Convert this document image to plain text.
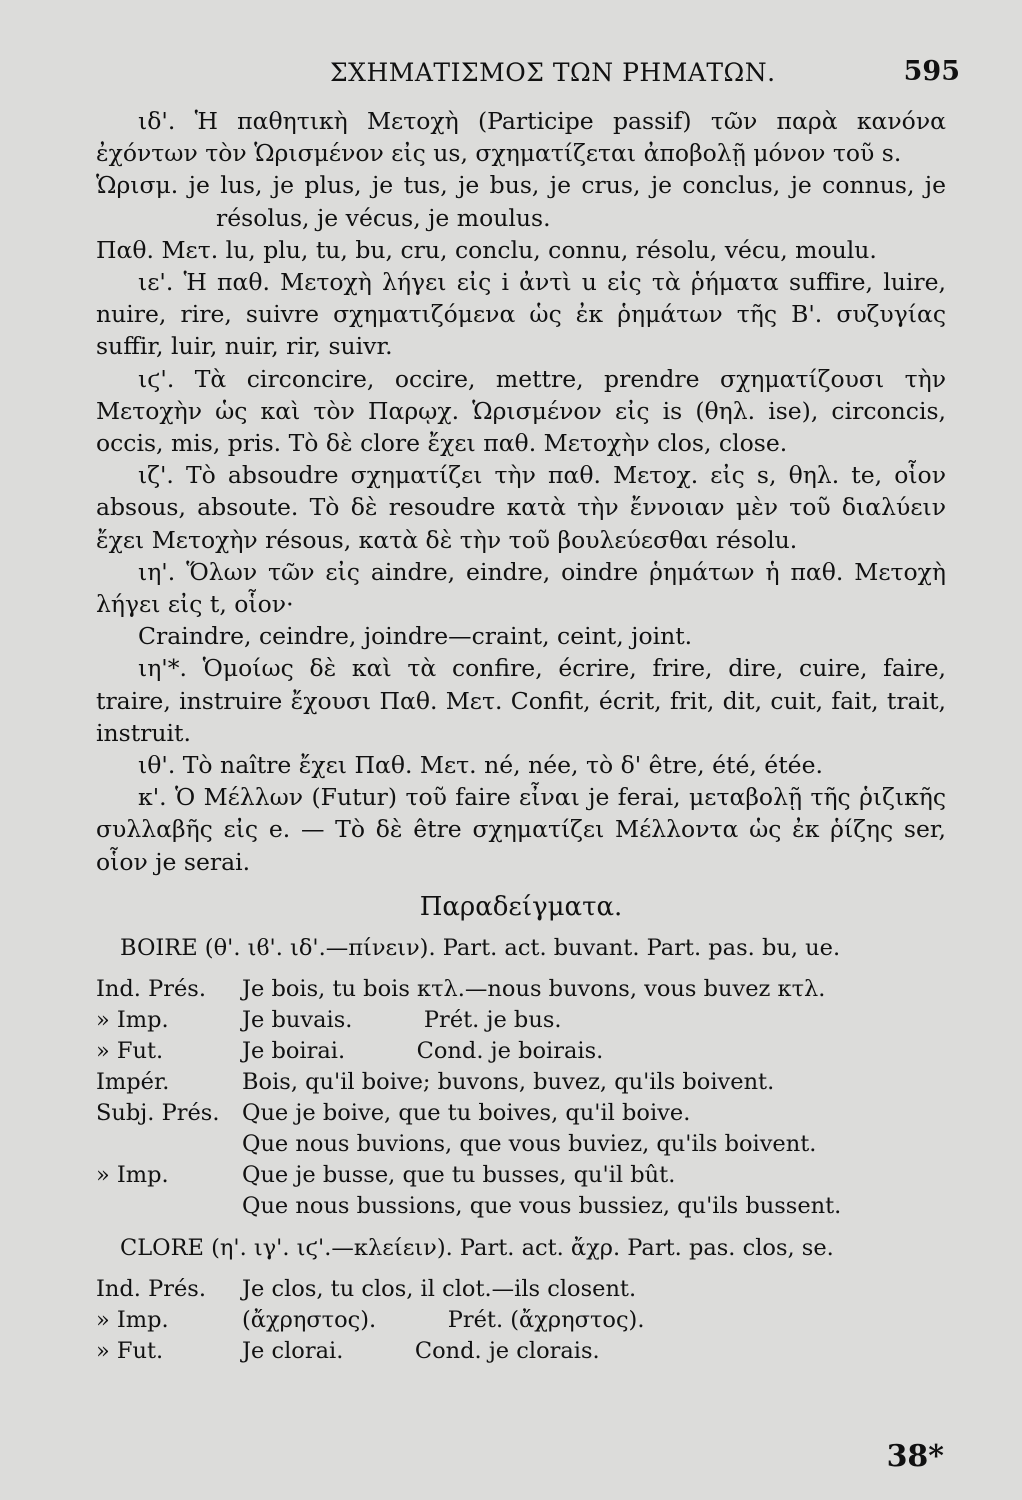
ΣΧΗΜΑΤΙΣΜΟΣ ΤΩΝ ΡΗΜΑΤΩΝ.	595

ιδ'. Ἡ παθητικὴ Μετοχὴ (Participe passif) τῶν παρὰ κανόνα ἐχόντων τὸν Ὡρισμένον εἰς us, σχηματίζεται ἀποβολῇ μόνον τοῦ s.

Ὡρισμ. je lus, je plus, je tus, je bus, je crus, je conclus, je connus, je résolus, je vécus, je moulus.

Παθ. Μετ. lu, plu, tu, bu, cru, conclu, connu, résolu, vécu, moulu.

ιε'. Ἡ παθ. Μετοχὴ λήγει εἰς i ἀντὶ u εἰς τὰ ῥήματα suffire, luire, nuire, rire, suivre σχηματιζόμενα ὡς ἐκ ῥημάτων τῆς Β'. συζυγίας suffir, luir, nuir, rir, suivr.

ιϛ'. Τὰ circoncire, occire, mettre, prendre σχηματίζουσι τὴν Μετοχὴν ὡς καὶ τὸν Παρῳχ. Ὡρισμένον εἰς is (θηλ. ise), circoncis, occis, mis, pris. Τὸ δὲ clore ἔχει παθ. Μετοχὴν clos, close.

ιζ'. Τὸ absoudre σχηματίζει τὴν παθ. Μετοχ. εἰς s, θηλ. te, οἷον absous, absoute. Τὸ δὲ resoudre κατὰ τὴν ἔννοιαν μὲν τοῦ διαλύειν ἔχει Μετοχὴν résous, κατὰ δὲ τὴν τοῦ βουλεύεσθαι résolu.

ιη'. Ὅλων τῶν εἰς aindre, eindre, oindre ῥημάτων ἡ παθ. Μετοχὴ λήγει εἰς t, οἷον·

Craindre, ceindre, joindre—craint, ceint, joint.

ιη'*. Ὁμοίως δὲ καὶ τὰ confire, écrire, frire, dire, cuire, faire, traire, instruire ἔχουσι Παθ. Μετ. Confit, écrit, frit, dit, cuit, fait, trait, instruit.

ιθ'. Τὸ naître ἔχει Παθ. Μετ. né, née, τὸ δ' être, été, étée.

κ'. Ὁ Μέλλων (Futur) τοῦ faire εἶναι je ferai, μεταβολῇ τῆς ῥιζικῆς συλλαβῆς εἰς e. — Τὸ δὲ être σχηματίζει Μέλλοντα ὡς ἐκ ῥίζης ser, οἷον je serai.

Παραδείγματα.
BOIRE (θ'. ιϐ'. ιδ'.—πίνειν). Part. act. buvant. Part. pas. bu, ue.
Ind. Prés.	Je bois, tu bois κτλ.—nous buvons, vous buvez κτλ.
» Imp.	Je buvais.          Prét. je bus.
» Fut.	Je boirai.          Cond. je boirais.
Impér.	Bois, qu'il boive; buvons, buvez, qu'ils boivent.
Subj. Prés.	Que je boive, que tu boives, qu'il boive.
Que nous buvions, que vous buviez, qu'ils boivent.
» Imp.	Que je busse, que tu busses, qu'il bût.
Que nous bussions, que vous bussiez, qu'ils bussent.
CLORE (η'. ιγ'. ιϛ'.—κλείειν). Part. act. ἄχρ. Part. pas. clos, se.
Ind. Prés.	Je clos, tu clos, il clot.—ils closent.
» Imp.	(ἄχρηστος).          Prét. (ἄχρηστος).
» Fut.	Je clorai.          Cond. je clorais.
38*
